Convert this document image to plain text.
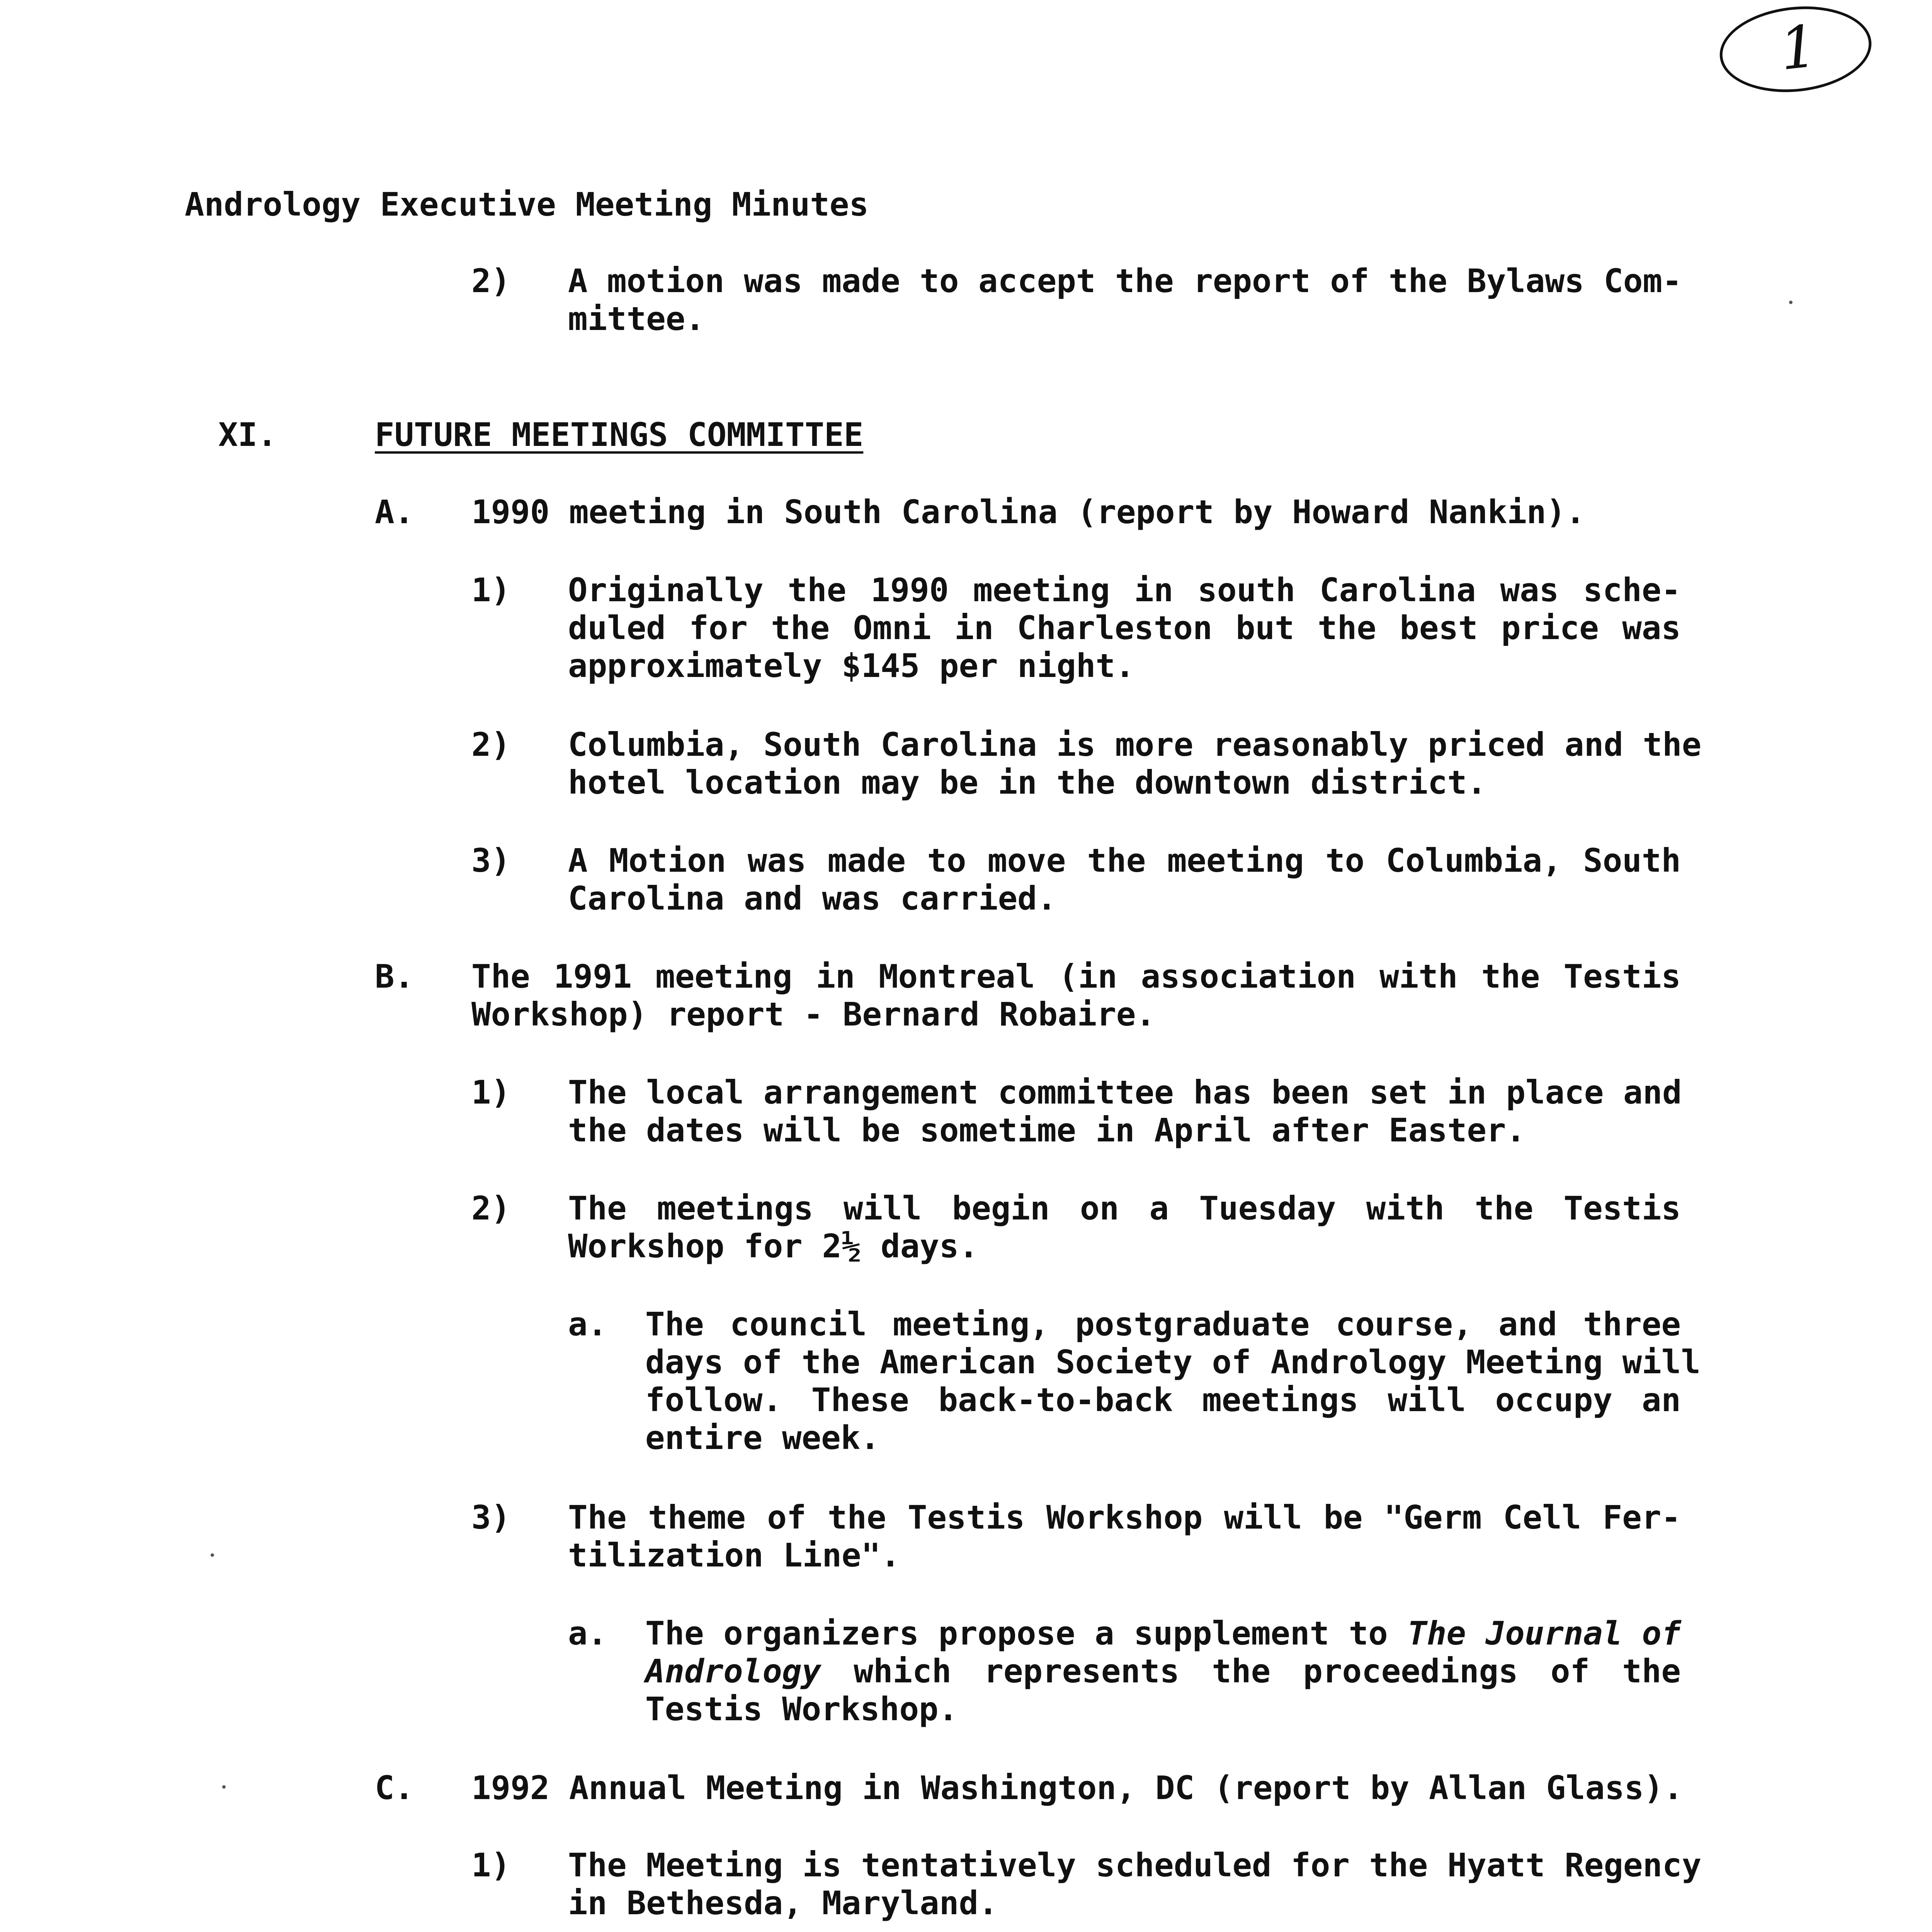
1
Andrology Executive Meeting Minutes
2) A motion was made to accept the report of the Bylaws Com-
mittee.
XI.	FUTURE MEETINGS COMMITTEE
A. 1990 meeting in South Carolina (report by Howard Nankin).
1) Originally the 1990 meeting in south Carolina was sche-
duled for the Omni in Charleston but the best price was
approximately $145 per night.
2) Columbia, South Carolina is more reasonably priced and the
hotel location may be in the downtown district.
3) A Motion was made to move the meeting to Columbia, South
Carolina and was carried.
B. The 1991 meeting in Montreal (in association with the Testis
Workshop) report - Bernard Robaire.
1) The local arrangement committee has been set in place and
the dates will be sometime in April after Easter.
2) The meetings will begin on a Tuesday with the Testis
Workshop for 2½ days.
a. The council meeting, postgraduate course, and three
days of the American Society of Andrology Meeting will
follow. These back-to-back meetings will occupy an
entire week.
3) The theme of the Testis Workshop will be "Germ Cell Fer-
tilization Line".
a. The organizers propose a supplement to The Journal of
Andrology which represents the proceedings of the
Testis Workshop.
C. 1992 Annual Meeting in Washington, DC (report by Allan Glass).
1) The Meeting is tentatively scheduled for the Hyatt Regency
in Bethesda, Maryland.
